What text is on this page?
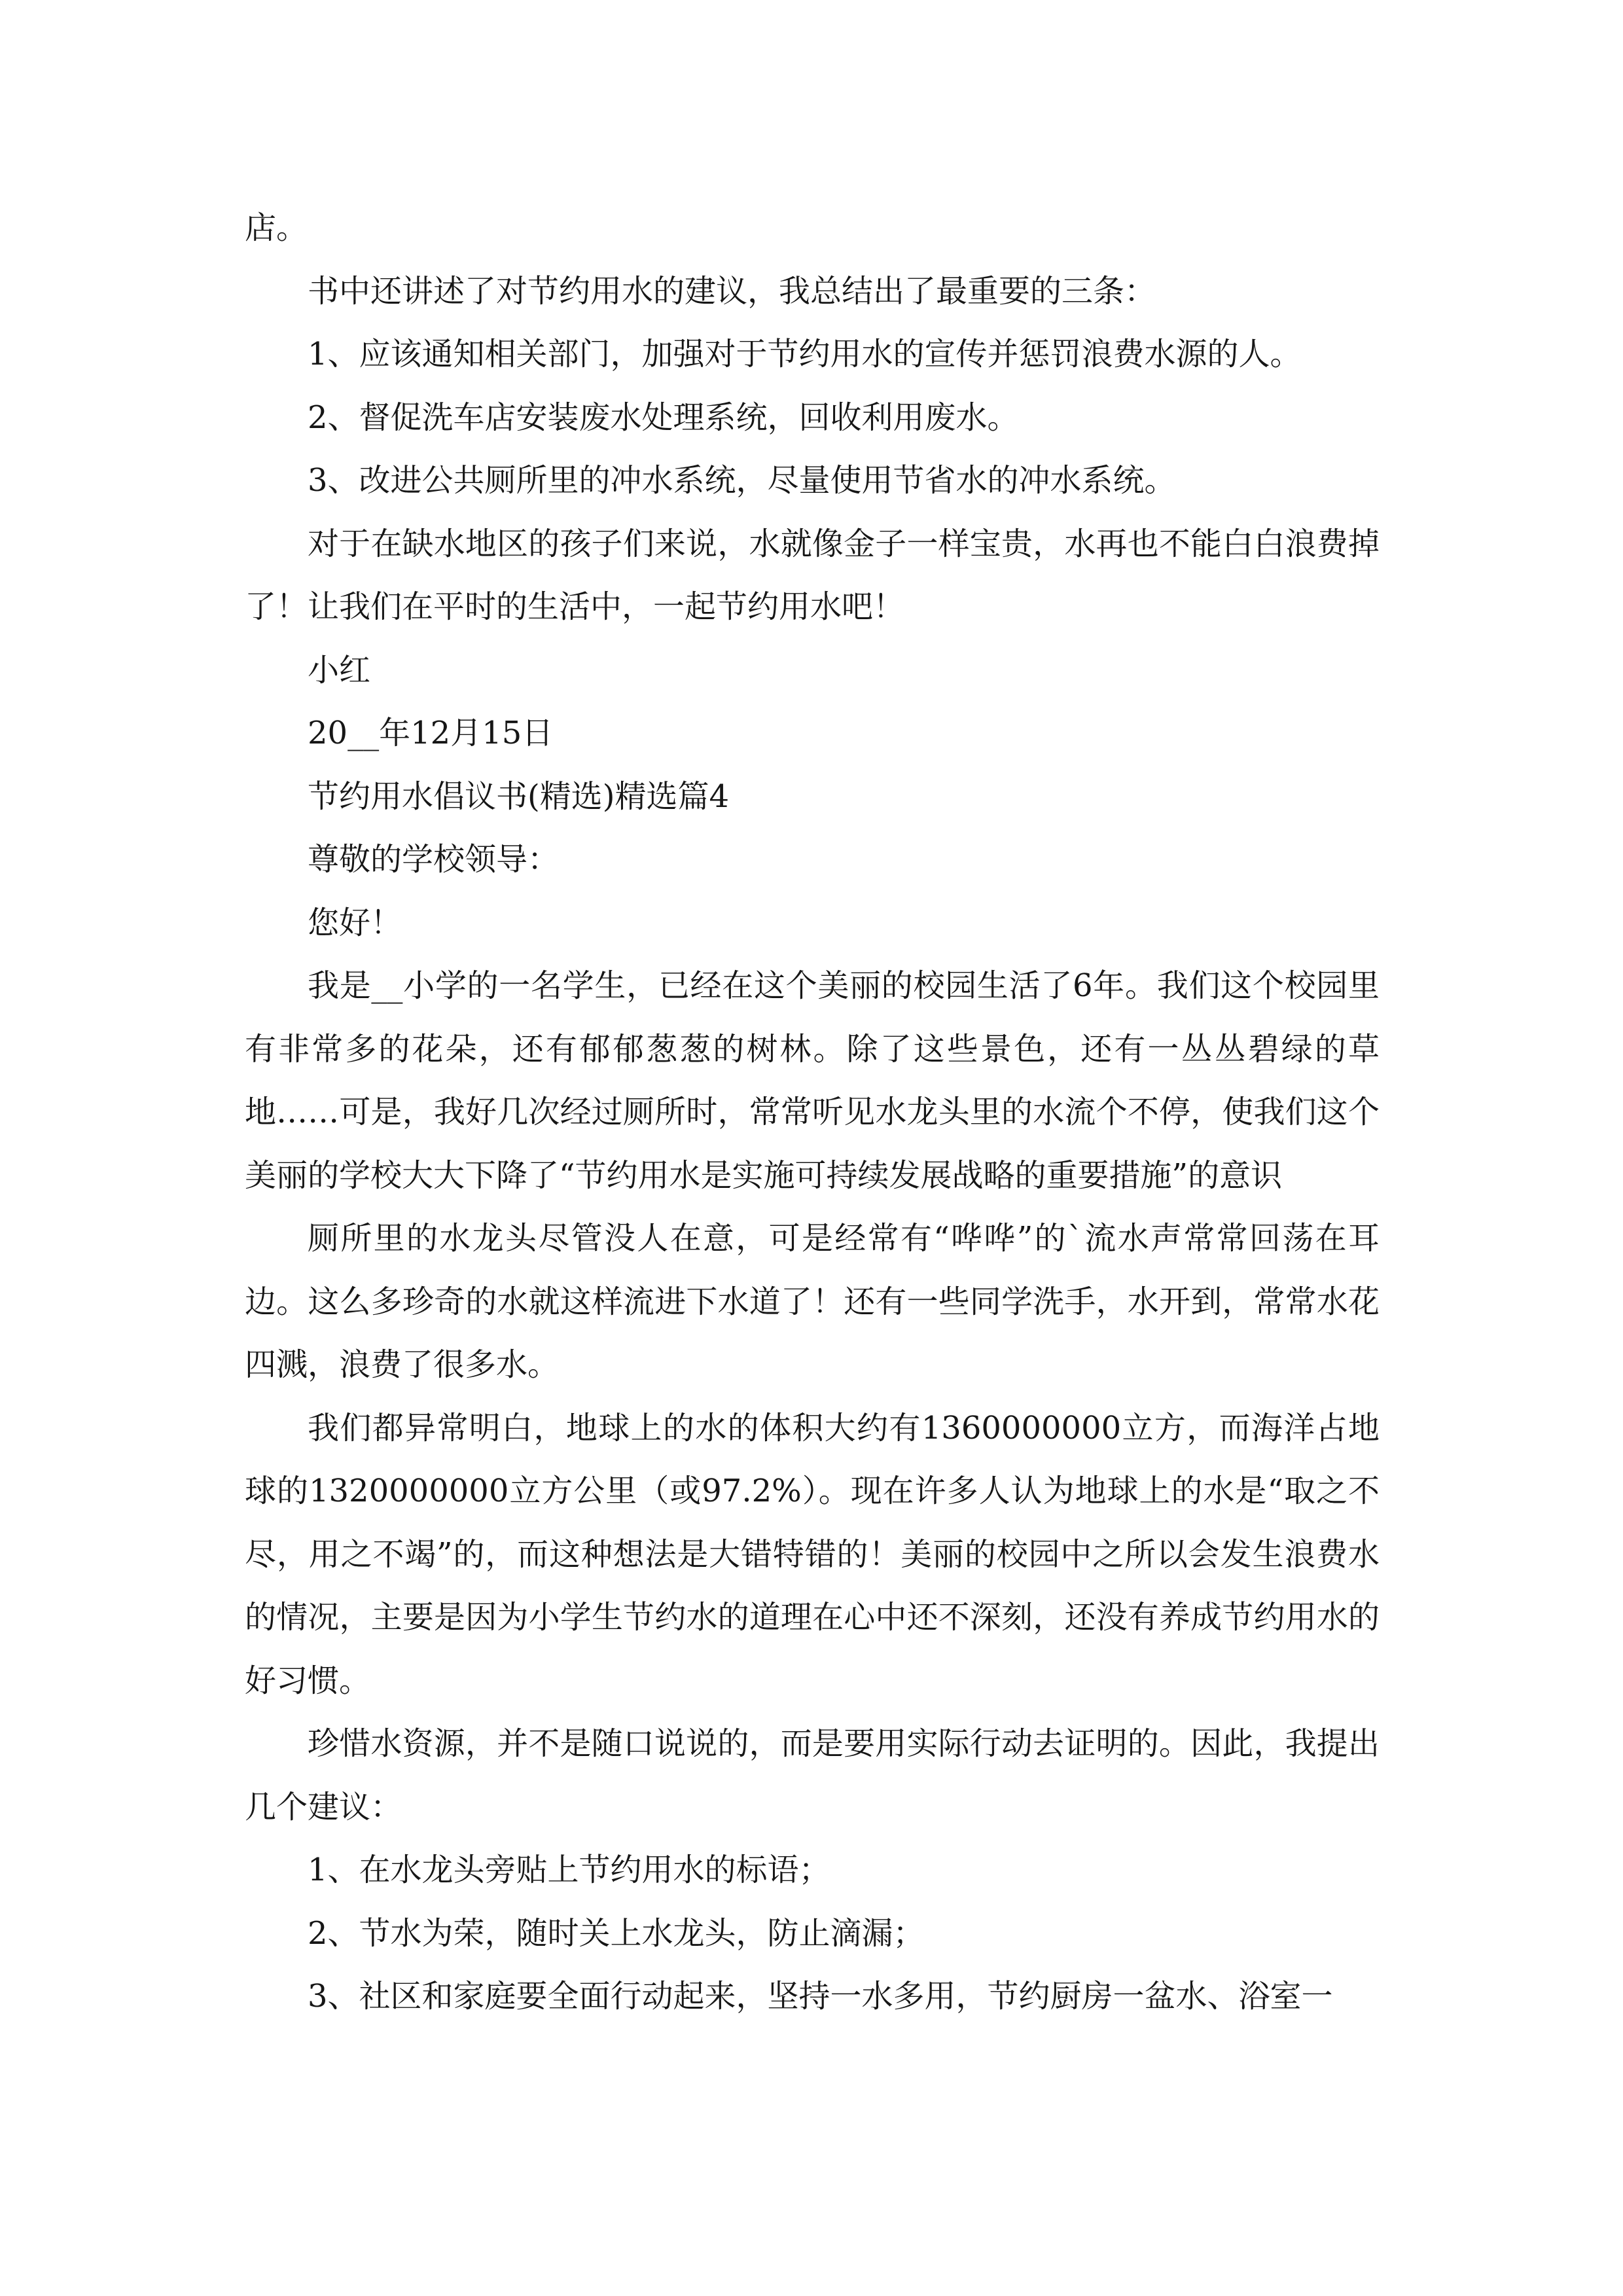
店。

书中还讲述了对节约用水的建议，我总结出了最重要的三条：

1、应该通知相关部门，加强对于节约用水的宣传并惩罚浪费水源的人。

2、督促洗车店安装废水处理系统，回收利用废水。

3、改进公共厕所里的冲水系统，尽量使用节省水的冲水系统。

对于在缺水地区的孩子们来说，水就像金子一样宝贵，水再也不能白白浪费掉了！让我们在平时的生活中，一起节约用水吧！

小红

20__年12月15日

节约用水倡议书(精选)精选篇4

尊敬的学校领导：

您好！

我是__小学的一名学生，已经在这个美丽的校园生活了6年。我们这个校园里有非常多的花朵，还有郁郁葱葱的树林。除了这些景色，还有一丛丛碧绿的草地……可是，我好几次经过厕所时，常常听见水龙头里的水流个不停，使我们这个美丽的学校大大下降了“节约用水是实施可持续发展战略的重要措施”的意识

厕所里的水龙头尽管没人在意，可是经常有“哗哗”的`流水声常常回荡在耳边。这么多珍奇的水就这样流进下水道了！还有一些同学洗手，水开到，常常水花四溅，浪费了很多水。

我们都异常明白，地球上的水的体积大约有1360000000立方，而海洋占地球的1320000000立方公里（或97.2%）。现在许多人认为地球上的水是“取之不尽，用之不竭”的，而这种想法是大错特错的！美丽的校园中之所以会发生浪费水的情况，主要是因为小学生节约水的道理在心中还不深刻，还没有养成节约用水的好习惯。

珍惜水资源，并不是随口说说的，而是要用实际行动去证明的。因此，我提出几个建议：

1、在水龙头旁贴上节约用水的标语；

2、节水为荣，随时关上水龙头，防止滴漏；

3、社区和家庭要全面行动起来，坚持一水多用，节约厨房一盆水、浴室一
